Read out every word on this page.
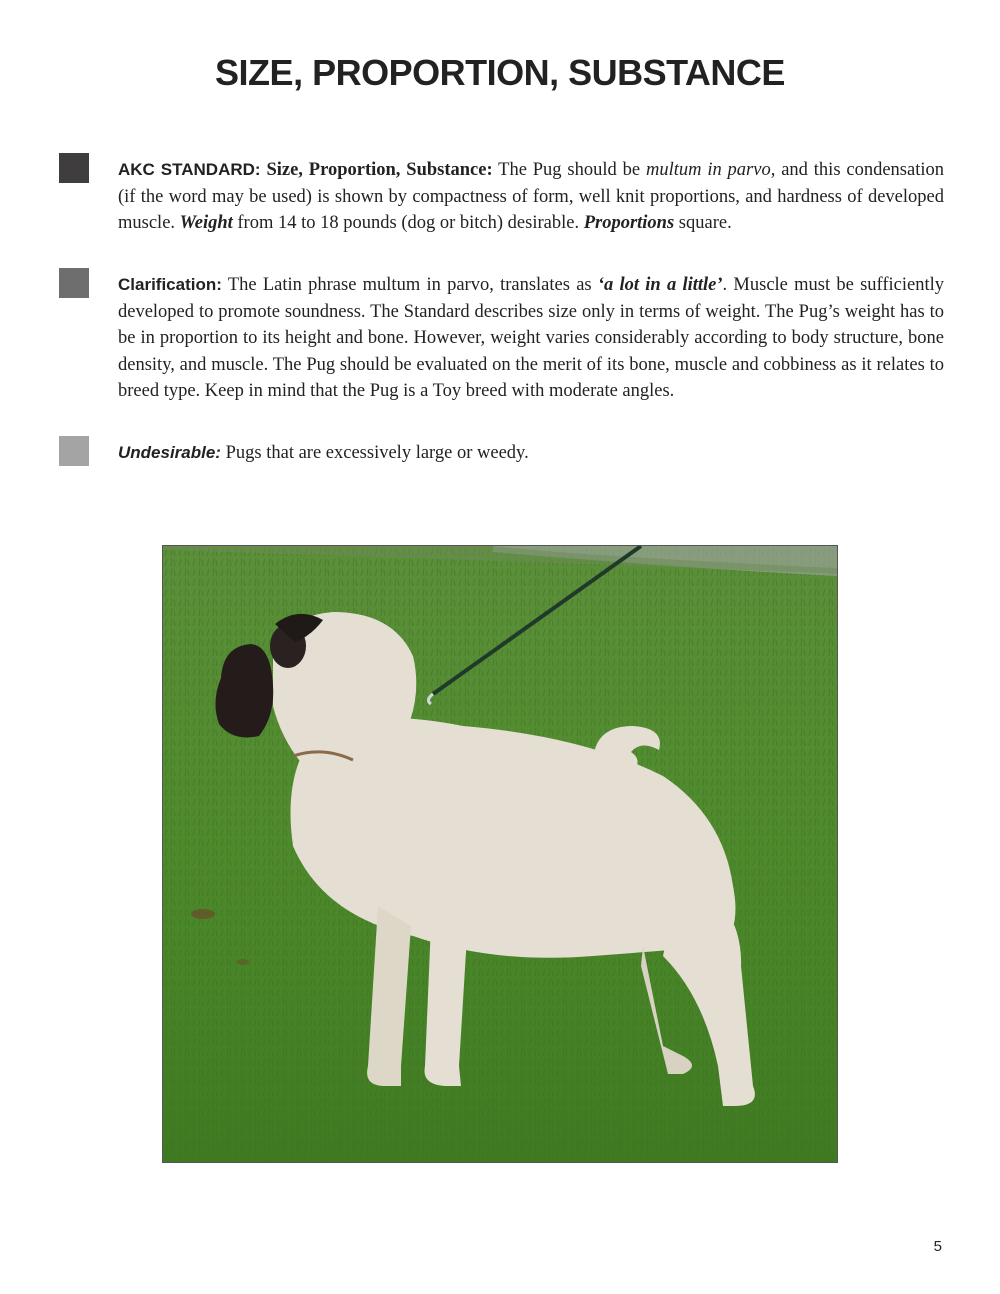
SIZE, PROPORTION, SUBSTANCE

AKC STANDARD: Size, Proportion, Substance: The Pug should be multum in parvo, and this condensation (if the word may be used) is shown by compactness of form, well knit proportions, and hardness of developed muscle. Weight from 14 to 18 pounds (dog or bitch) desirable. Proportions square.

Clarification: The Latin phrase multum in parvo, translates as ‘a lot in a little’. Muscle must be sufficiently developed to promote soundness. The Standard describes size only in terms of weight. The Pug’s weight has to be in proportion to its height and bone. However, weight varies considerably according to body structure, bone density, and muscle. The Pug should be evaluated on the merit of its bone, muscle and cobbiness as it relates to breed type. Keep in mind that the Pug is a Toy breed with moderate angles.

Undesirable: Pugs that are excessively large or weedy.

5
